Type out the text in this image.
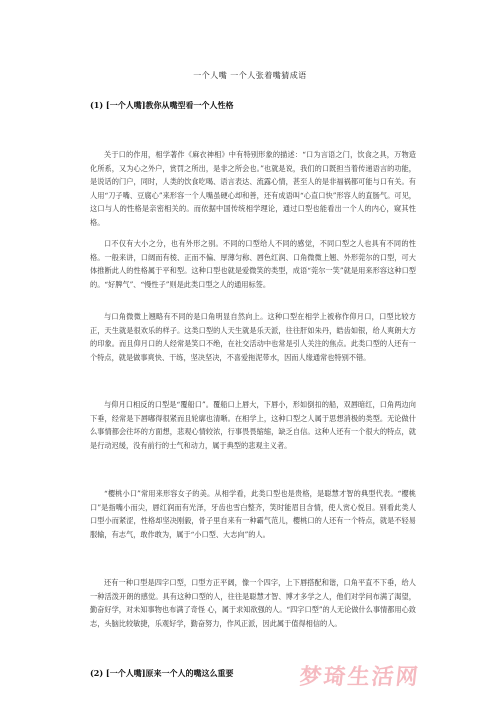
一个人嘴 一个人张着嘴猜成语
(1) [一个人嘴]教你从嘴型看一个人性格

关于口的作用，相学著作《麻衣神相》中有特别形象的描述：“口为言语之门，饮食之具，万物造化所系，又为心之外户，赏罚之所出，是非之所会也。”也就是说，我们的口既担当着传递语言的功能，是说话的门户，同时，人类的饮食吃喝、语言表达、流露心情，甚至人的是非福祸都可能与口有关。有人用“刀子嘴、豆腐心”来形容一个人嘴虽硬心却和善，还有成语叫“心直口快”形容人的直肠气。可见，这口与人的性格是亲密相关的。而依据中国传统相学理论，通过口型也能看出一个人的内心，窥其性格。

口不仅有大小之分，也有外形之别。不同的口型给人不同的感觉，不同口型之人也具有不同的性格。一般来讲，口阔而有棱、正而不偏、厚薄匀称、唇色红润、口角微微上翘、外形莞尔的口型，可大体推断此人的性格属于平和型。这种口型也就是爱微笑的类型，成语“莞尔一笑”就是用来形容这种口型的。“好脾气”、“慢性子”则是此类口型之人的通用标签。

与口角微微上翘略有不同的是口角明显自然向上。这种口型在相学上被称作仰月口，口型比较方正，天生就是很欢乐的样子。这类口型的人天生就是乐天派，往往肝如朱丹，皓齿如银，给人爽朗大方的印象。而且仰月口的人经常是笑口不绝，在社交活动中也常是引人关注的焦点。此类口型的人还有一个特点，就是做事爽快、干练，坚决坚决，不喜爱拖泥带水，因而人缘通常也特别不错。

与仰月口相反的口型是“覆船口”。覆船口上唇大，下唇小，形如倒扣的船，双唇暗红，口角两边向下垂，经常是下唇嘟得很紧而且轮廓也清晰。在相学上，这种口型之人属于思想消极的类型。无论做什么事情都会往坏的方面想，悲观心情较浓，行事畏畏缩缩，缺乏自信。这种人还有一个很大的特点，就是行动迟缓，没有前行的士气和动力，属于典型的悲观主义者。

“樱桃小口”常用来形容女子的美。从相学看，此类口型也是贵格，是聪慧才智的典型代表。“樱桃口”是指嘴小而尖，唇红润而有光泽，牙齿也雪白整齐，笑时能眉目含情，使人赏心悦目。别看此类人口型小而紧涩，性格却坚决刚毅，骨子里自来有一种霸气范儿，樱桃口的人还有一个特点，就是不轻易服输，有志气，敢作敢为，属于“小口型、大志向”的人。

还有一种口型是四字口型，口型方正平阔，像一个四字，上下唇搭配和谐，口角平直不下垂，给人一种活泼开朗的感觉。具有这种口型的人，往往是聪慧才智、博才多学之人，他们对学问布满了渴望，勤奋好学，对未知事物也布满了奇怪 心，属于求知欲强的人。“四字口型”的人无论做什么事情都用心致志，头脑比较敏捷，乐观好学，勤奋努力，作风正派，因此属于值得相信的人。

(2) [一个人嘴]原来一个人的嘴这么重要	梦琦生活网
